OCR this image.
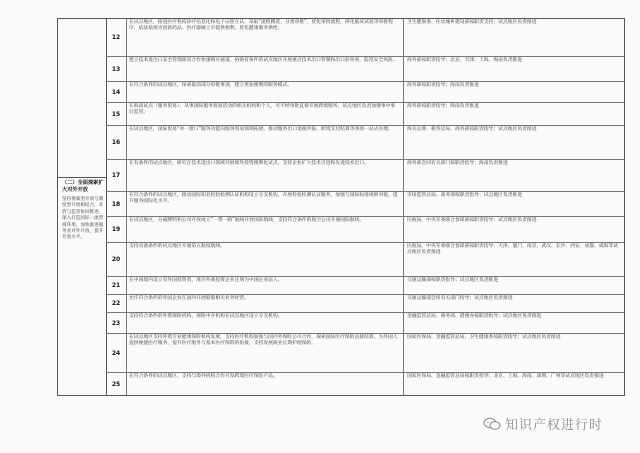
（二）全面探索扩大对外开放
坚持要素型开放与制度型开放相结合，开放与监管协同推进，深入打造国际一流营商环境，加快推进服务业对外开放，提升开放水平。
12
在试点地区，推进医疗机构诊疗信息化和电子证照互认，采取“流程精选、分类审批”，优化审批流程，简化临床试验等审批程序，依法依规为创新药品、医疗器械上市提供便利，优化健康服务供给。
卫生健康委、住房城乡建设部按职责支持；试点地区负责推进
13
建立技术进出口安全管理部省合作快速响应通道，协助有条件的试点地区开展重点技术出口管制和出口前审查，防范安全风险。	商务部按职责指导；北京、天津、上海、海南负责推进
14
在符合条件的试点地区，探索取消部分审批事项，建立更加便利的服务模式。	商务部按职责指导；海南负责推进
15
在海南试点（服务贸易），从事国际服务贸易活动的相关机构和个人，可不经审批直接开展跨境服务，试点地区负责加强事中事后监管。
商务部按职责指导；海南负责推进
16
在试点地区，国际贸易“单一窗口”服务功能向服务贸易领域拓展，推动服务出口退税申报、跨境支付结算等事项一站式办理。	海关总署、税务总局、商务部按职责指导；试点地区负责推进
17
在有条件的试点地区，研究在技术进出口领域开展境外投资便利化试点，支持企业扩大技术引进和先进技术出口。	商务部会同有关部门按职责指导；海南负责推进
18
在符合条件的试点地区，推动国际知名检验检测认证机构设立分支机构，开展检验检测认证服务，加强与国际标准规则对接，提升服务国际化水平。
市场监管总局、商务部按职责指导；试点地区负责推进
19
在试点地区，分离牌照和公司开放成立“一带一路”航线开放国际航线，支持符合条件的航空公司开通国际航线。	民航局、中央军委联合参谋部按职责指导；试点地区负责推进
20
支持具备条件的试点地区开通第五航权航线。	民航局、中央军委联合参谋部按职责指导；天津、厦门、南京、武汉、长沙、西安、成都、威海等试点地区负责推进
21
在中国境内设立有外国投资者，准许外商投资企业注册为中国企业法人。	交通运输部按职责指导；试点地区负责推进
22
允许符合条件的外国企业在国内开展船舶相关业务经营。	交通运输部会同有关部门指导；试点地区负责推进
23
支持符合条件的外资保险机构、保险中介机构在试点地区设立分支机构。	金融监管总局、商务部、港澳办按职责指导；试点地区负责推进
24
在试点地区支持外资专业健康保险机构发展，支持医疗机构加强与国内外保险公司合作，探索国际医疗保险直接结算，为外国人提供便捷医疗服务，提升医疗服务与基本医疗保险的衔接，支持发展商业长期护理保险。
国家医保局、金融监管总局、卫生健康委按职责指导；试点地区负责推进
25
在符合条件的试点地区，支持与境外机构合作开发跨境医疗保险产品。	国家医保局、金融监管总局按职责指导；北京、上海、海南、深圳、广州等试点地区负责推进
知识产权进行时
